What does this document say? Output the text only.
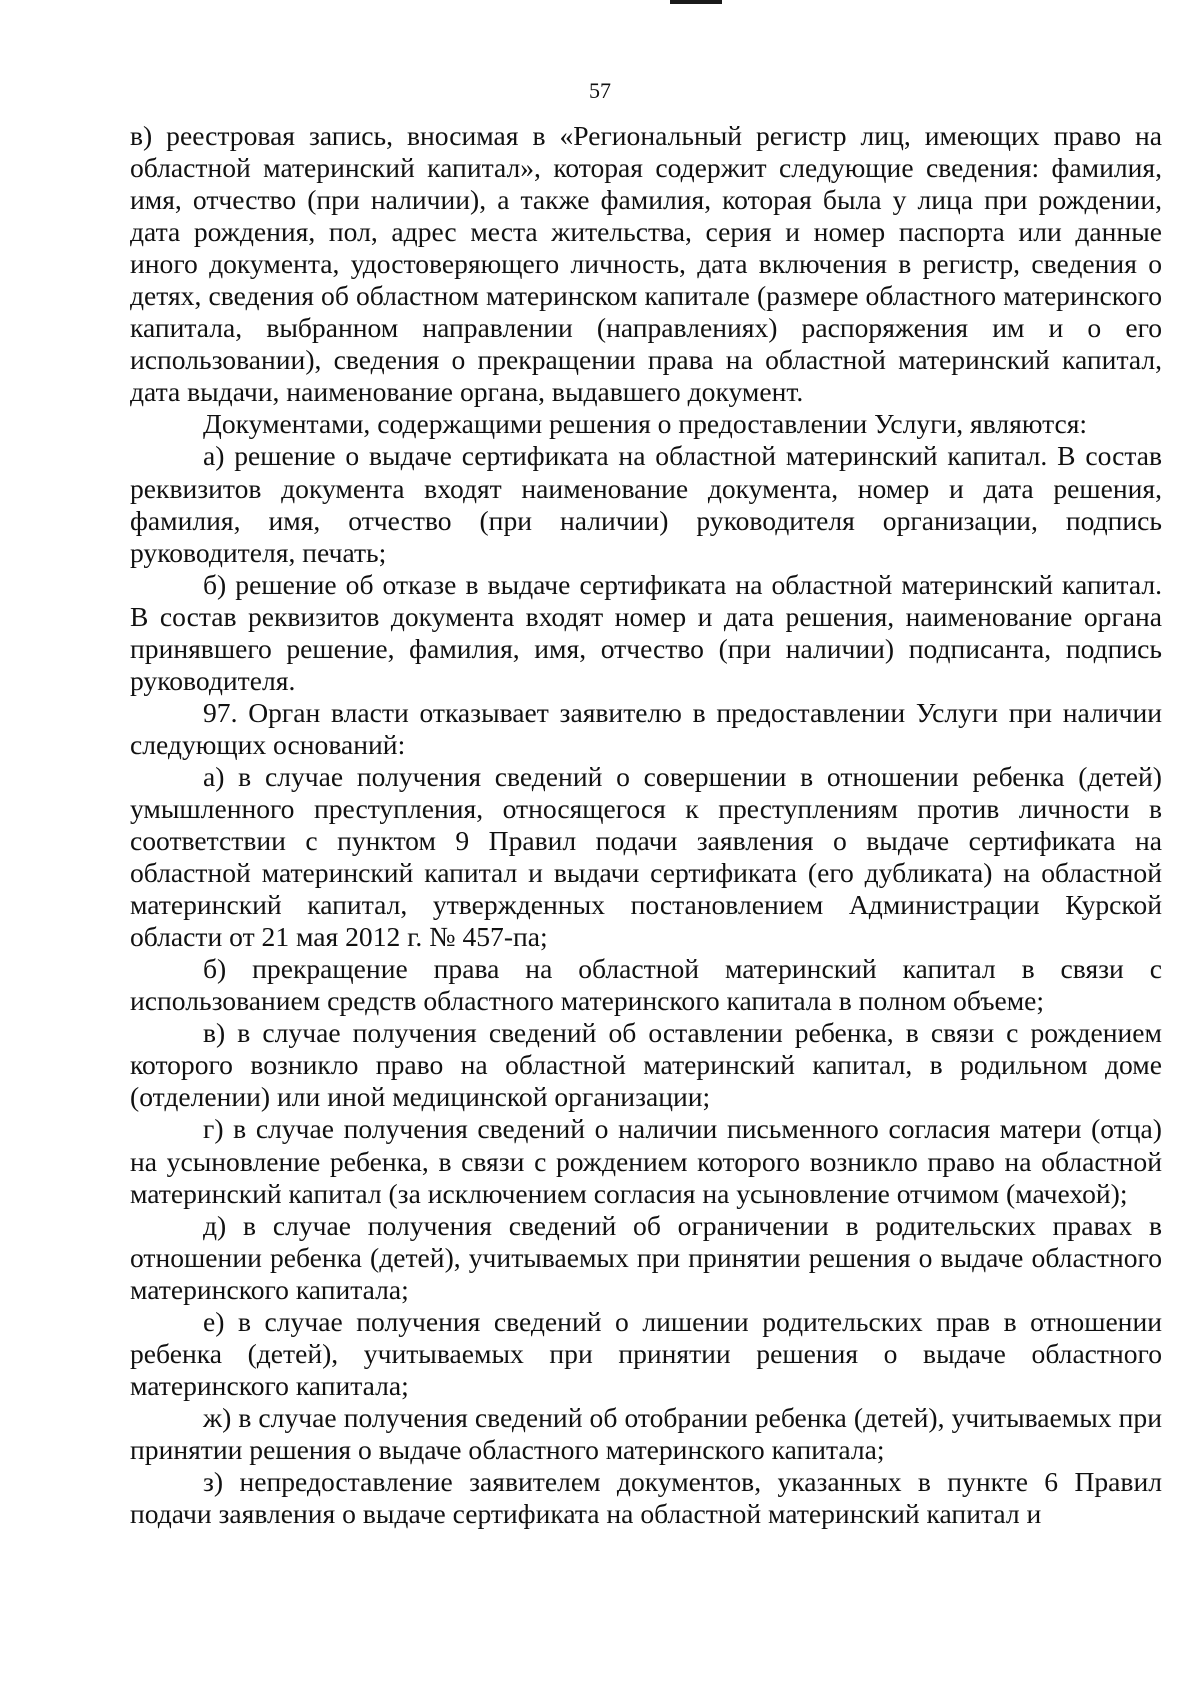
57

в) реестровая запись, вносимая в «Региональный регистр лиц, имеющих право на областной материнский капитал», которая содержит следующие сведения: фамилия, имя, отчество (при наличии), а также фамилия, которая была у лица при рождении, дата рождения, пол, адрес места жительства, серия и номер паспорта или данные иного документа, удостоверяющего личность, дата включения в регистр, сведения о детях, сведения об областном материнском капитале (размере областного материнского капитала, выбранном направлении (направлениях) распоряжения им и о его использовании), сведения о прекращении права на областной материнский капитал, дата выдачи, наименование органа, выдавшего документ.

Документами, содержащими решения о предоставлении Услуги, являются:

а) решение о выдаче сертификата на областной материнский капитал. В состав реквизитов документа входят наименование документа, номер и дата решения, фамилия, имя, отчество (при наличии) руководителя организации, подпись руководителя, печать;

б) решение об отказе в выдаче сертификата на областной материнский капитал. В состав реквизитов документа входят номер и дата решения, наименование органа принявшего решение, фамилия, имя, отчество (при наличии) подписанта, подпись руководителя.

97. Орган власти отказывает заявителю в предоставлении Услуги при наличии следующих оснований:

а) в случае получения сведений о совершении в отношении ребенка (детей) умышленного преступления, относящегося к преступлениям против личности в соответствии с пунктом 9 Правил подачи заявления о выдаче сертификата на областной материнский капитал и выдачи сертификата (его дубликата) на областной материнский капитал, утвержденных постановлением Администрации Курской области от 21 мая 2012 г. № 457-па;

б) прекращение права на областной материнский капитал в связи с использованием средств областного материнского капитала в полном объеме;

в) в случае получения сведений об оставлении ребенка, в связи с рождением которого возникло право на областной материнский капитал, в родильном доме (отделении) или иной медицинской организации;

г) в случае получения сведений о наличии письменного согласия матери (отца) на усыновление ребенка, в связи с рождением которого возникло право на областной материнский капитал (за исключением согласия на усыновление отчимом (мачехой);

д) в случае получения сведений об ограничении в родительских правах в отношении ребенка (детей), учитываемых при принятии решения о выдаче областного материнского капитала;

е) в случае получения сведений о лишении родительских прав в отношении ребенка (детей), учитываемых при принятии решения о выдаче областного материнского капитала;

ж) в случае получения сведений об отобрании ребенка (детей), учитываемых при принятии решения о выдаче областного материнского капитала;

з) непредоставление заявителем документов, указанных в пункте 6 Правил подачи заявления о выдаче сертификата на областной материнский капитал и
